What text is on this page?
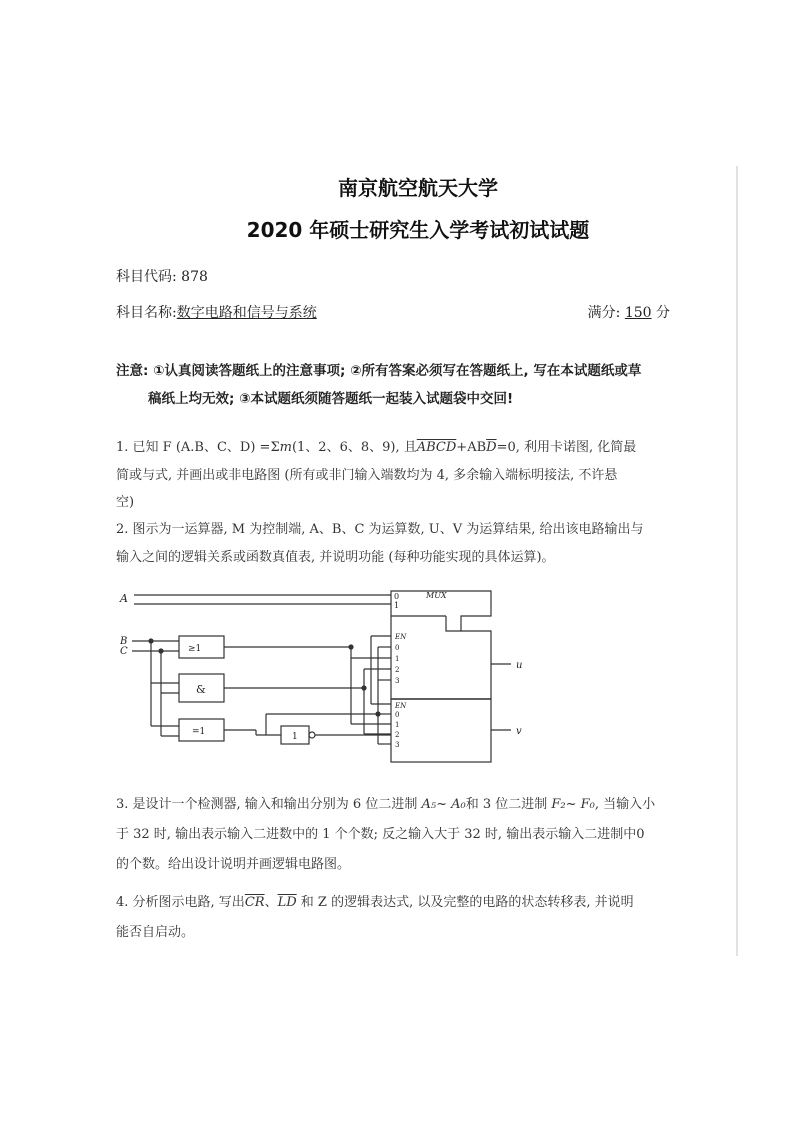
南京航空航天大学
2020 年硕士研究生入学考试初试试题
科目代码: 878
科目名称:数字电路和信号与系统	满分: 150 分
注意: ①认真阅读答题纸上的注意事项; ②所有答案必须写在答题纸上, 写在本试题纸或草
稿纸上均无效; ③本试题纸须随答题纸一起装入试题袋中交回!
1. 已知 F (A.B、C、D) =Σm(1、2、6、8、9), 且$ABCD+AB\overline{D}=0$, 利用卡诺图, 化简最
简或与式, 并画出或非电路图 (所有或非门输入端数均为 4, 多余输入端标明接法, 不许悬
空)
2. 图示为一运算器, M 为控制端, A、B、C 为运算数, U、V 为运算结果, 给出该电路输出与
输入之间的逻辑关系或函数真值表, 并说明功能 (每种功能实现的具体运算)。
A	0
1
MUX
B
C	≥1
&
=1	1
EN
0
1
2
3
EN
0
1
2
3
u
v
3. 是设计一个检测器, 输入和输出分别为 6 位二进制 A₅~ A₀和 3 位二进制 F₂~ F₀, 当输入小
于 32 时, 输出表示输入二进数中的 1 个个数; 反之输入大于 32 时, 输出表示输入二进制中0
的个数。给出设计说明并画逻辑电路图。
4. 分析图示电路, 写出$\overline{CR}$、$\overline{LD}$ 和 Z 的逻辑表达式, 以及完整的电路的状态转移表, 并说明
能否自启动。
